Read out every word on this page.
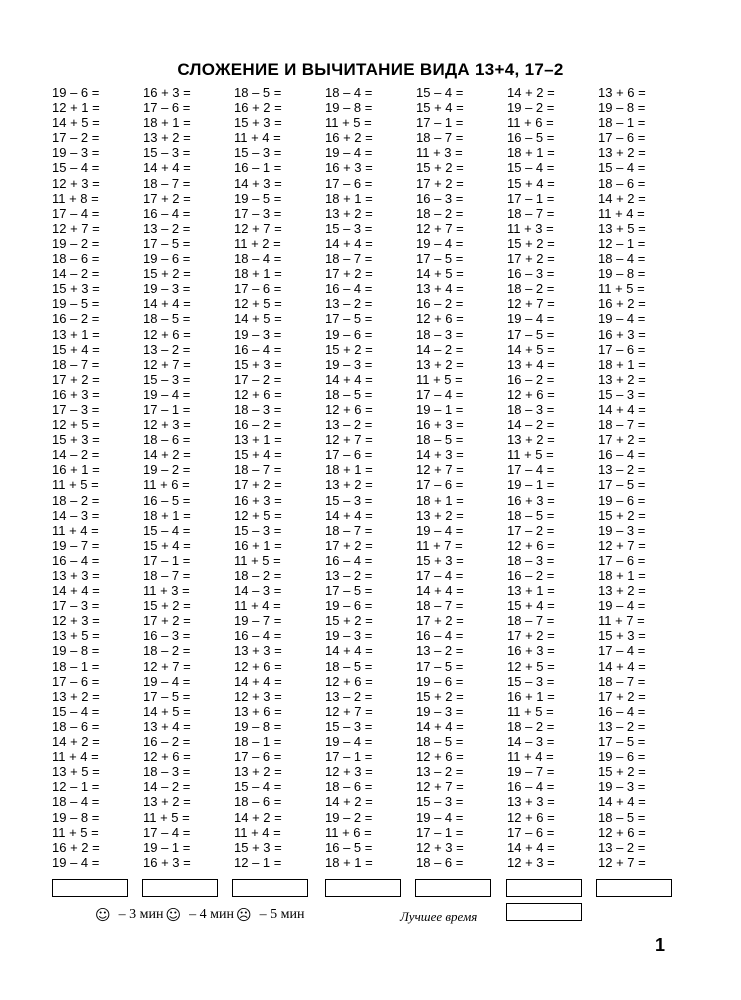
СЛОЖЕНИЕ И ВЫЧИТАНИЕ ВИДА 13+4, 17–2
19 – 6 =
12 + 1 =
14 + 5 =
17 – 2 =
19 – 3 =
15 – 4 =
12 + 3 =
11 + 8 =
17 – 4 =
12 + 7 =
19 – 2 =
18 – 6 =
14 – 2 =
15 + 3 =
19 – 5 =
16 – 2 =
13 + 1 =
15 + 4 =
18 – 7 =
17 + 2 =
16 + 3 =
17 – 3 =
12 + 5 =
15 + 3 =
14 – 2 =
16 + 1 =
11 + 5 =
18 – 2 =
14 – 3 =
11 + 4 =
19 – 7 =
16 – 4 =
13 + 3 =
14 + 4 =
17 – 3 =
12 + 3 =
13 + 5 =
19 – 8 =
18 – 1 =
17 – 6 =
13 + 2 =
15 – 4 =
18 – 6 =
14 + 2 =
11 + 4 =
13 + 5 =
12 – 1 =
18 – 4 =
19 – 8 =
11 + 5 =
16 + 2 =
19 – 4 =
16 + 3 =
17 – 6 =
18 + 1 =
13 + 2 =
15 – 3 =
14 + 4 =
18 – 7 =
17 + 2 =
16 – 4 =
13 – 2 =
17 – 5 =
19 – 6 =
15 + 2 =
19 – 3 =
14 + 4 =
18 – 5 =
12 + 6 =
13 – 2 =
12 + 7 =
15 – 3 =
19 – 4 =
17 – 1 =
12 + 3 =
18 – 6 =
14 + 2 =
19 – 2 =
11 + 6 =
16 – 5 =
18 + 1 =
15 – 4 =
15 + 4 =
17 – 1 =
18 – 7 =
11 + 3 =
15 + 2 =
17 + 2 =
16 – 3 =
18 – 2 =
12 + 7 =
19 – 4 =
17 – 5 =
14 + 5 =
13 + 4 =
16 – 2 =
12 + 6 =
18 – 3 =
14 – 2 =
13 + 2 =
11 + 5 =
17 – 4 =
19 – 1 =
16 + 3 =
18 – 5 =
16 + 2 =
15 + 3 =
11 + 4 =
15 – 3 =
16 – 1 =
14 + 3 =
19 – 5 =
17 – 3 =
12 + 7 =
11 + 2 =
18 – 4 =
18 + 1 =
17 – 6 =
12 + 5 =
14 + 5 =
19 – 3 =
16 – 4 =
15 + 3 =
17 – 2 =
12 + 6 =
18 – 3 =
16 – 2 =
13 + 1 =
15 + 4 =
18 – 7 =
17 + 2 =
16 + 3 =
12 + 5 =
15 – 3 =
16 + 1 =
11 + 5 =
18 – 2 =
14 – 3 =
11 + 4 =
19 – 7 =
16 – 4 =
13 + 3 =
12 + 6 =
14 + 4 =
12 + 3 =
13 + 6 =
19 – 8 =
18 – 1 =
17 – 6 =
13 + 2 =
15 – 4 =
18 – 6 =
14 + 2 =
11 + 4 =
15 + 3 =
12 – 1 =
18 – 4 =
19 – 8 =
11 + 5 =
16 + 2 =
19 – 4 =
16 + 3 =
17 – 6 =
18 + 1 =
13 + 2 =
15 – 3 =
14 + 4 =
18 – 7 =
17 + 2 =
16 – 4 =
13 – 2 =
17 – 5 =
19 – 6 =
15 + 2 =
19 – 3 =
14 + 4 =
18 – 5 =
12 + 6 =
13 – 2 =
12 + 7 =
17 – 6 =
18 + 1 =
13 + 2 =
15 – 3 =
14 + 4 =
18 – 7 =
17 + 2 =
16 – 4 =
13 – 2 =
17 – 5 =
19 – 6 =
15 + 2 =
19 – 3 =
14 + 4 =
18 – 5 =
12 + 6 =
13 – 2 =
12 + 7 =
15 – 3 =
19 – 4 =
17 – 1 =
12 + 3 =
18 – 6 =
14 + 2 =
19 – 2 =
11 + 6 =
16 – 5 =
18 + 1 =
15 – 4 =
15 + 4 =
17 – 1 =
18 – 7 =
11 + 3 =
15 + 2 =
17 + 2 =
16 – 3 =
18 – 2 =
12 + 7 =
19 – 4 =
17 – 5 =
14 + 5 =
13 + 4 =
16 – 2 =
12 + 6 =
18 – 3 =
14 – 2 =
13 + 2 =
11 + 5 =
17 – 4 =
19 – 1 =
16 + 3 =
18 – 5 =
14 + 3 =
12 + 7 =
17 – 6 =
18 + 1 =
13 + 2 =
19 – 4 =
11 + 7 =
15 + 3 =
17 – 4 =
14 + 4 =
18 – 7 =
17 + 2 =
16 – 4 =
13 – 2 =
17 – 5 =
19 – 6 =
15 + 2 =
19 – 3 =
14 + 4 =
18 – 5 =
12 + 6 =
13 – 2 =
12 + 7 =
15 – 3 =
19 – 4 =
17 – 1 =
12 + 3 =
18 – 6 =
14 + 2 =
19 – 2 =
11 + 6 =
16 – 5 =
18 + 1 =
15 – 4 =
15 + 4 =
17 – 1 =
18 – 7 =
11 + 3 =
15 + 2 =
17 + 2 =
16 – 3 =
18 – 2 =
12 + 7 =
19 – 4 =
17 – 5 =
14 + 5 =
13 + 4 =
16 – 2 =
12 + 6 =
18 – 3 =
14 – 2 =
13 + 2 =
11 + 5 =
17 – 4 =
19 – 1 =
16 + 3 =
18 – 5 =
17 – 2 =
12 + 6 =
18 – 3 =
16 – 2 =
13 + 1 =
15 + 4 =
18 – 7 =
17 + 2 =
16 + 3 =
12 + 5 =
15 – 3 =
16 + 1 =
11 + 5 =
18 – 2 =
14 – 3 =
11 + 4 =
19 – 7 =
16 – 4 =
13 + 3 =
12 + 6 =
17 – 6 =
14 + 4 =
12 + 3 =
13 + 6 =
19 – 8 =
18 – 1 =
17 – 6 =
13 + 2 =
15 – 4 =
18 – 6 =
14 + 2 =
11 + 4 =
13 + 5 =
12 – 1 =
18 – 4 =
19 – 8 =
11 + 5 =
16 + 2 =
19 – 4 =
16 + 3 =
17 – 6 =
18 + 1 =
13 + 2 =
15 – 3 =
14 + 4 =
18 – 7 =
17 + 2 =
16 – 4 =
13 – 2 =
17 – 5 =
19 – 6 =
15 + 2 =
19 – 3 =
12 + 7 =
17 – 6 =
18 + 1 =
13 + 2 =
19 – 4 =
11 + 7 =
15 + 3 =
17 – 4 =
14 + 4 =
18 – 7 =
17 + 2 =
16 – 4 =
13 – 2 =
17 – 5 =
19 – 6 =
15 + 2 =
19 – 3 =
14 + 4 =
18 – 5 =
12 + 6 =
13 – 2 =
12 + 7 =
☺ – 3 мин ☺ – 4 мин ☹ – 5 мин	Лучшее время
1
